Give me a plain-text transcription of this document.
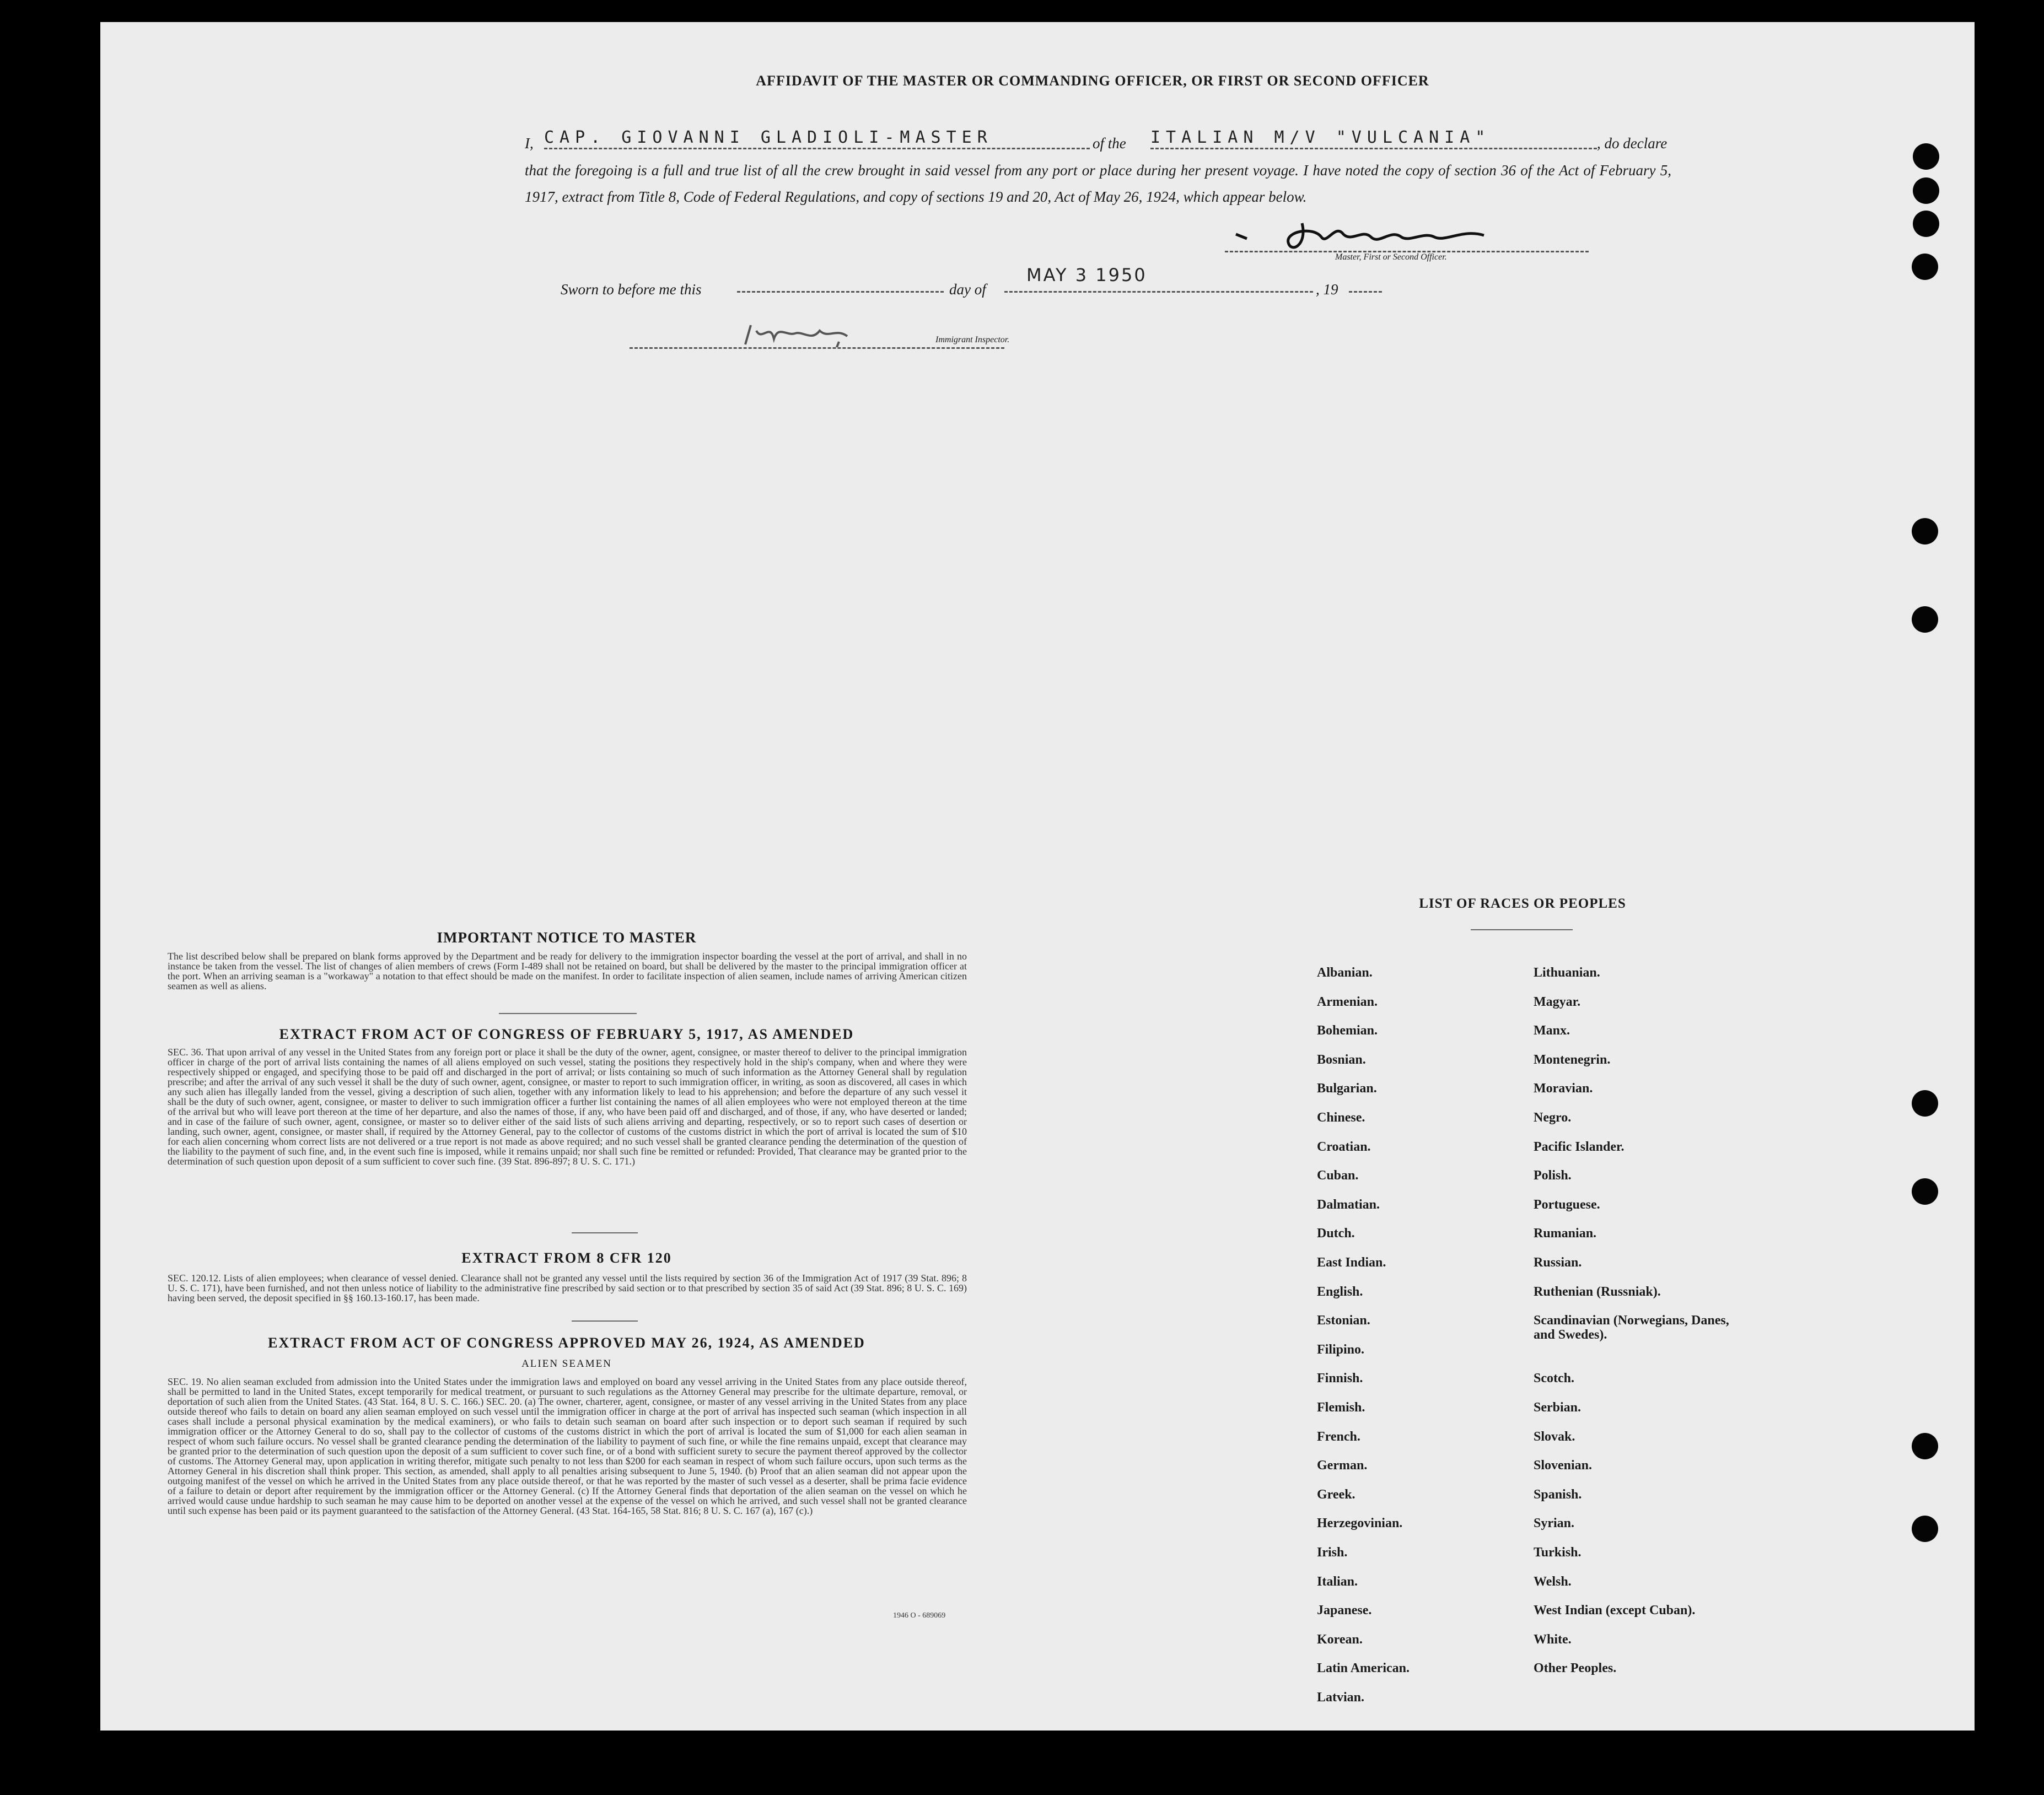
AFFIDAVIT OF THE MASTER OR COMMANDING OFFICER, OR FIRST OR SECOND OFFICER
I, CAP. GIOVANNI GLADIOLI-MASTER	of the ITALIAN M/V "VULCANIA"	, do declare
that the foregoing is a full and true list of all the crew brought in said vessel from any port or place during her present voyage. I have noted the copy of section 36 of the Act of February 5, 1917, extract from Title 8, Code of Federal Regulations, and copy of sections 19 and 20, Act of May 26, 1924, which appear below.
Master, First or Second Officer.
Sworn to before me this	day of
MAY 3 1950
, 19
Immigrant Inspector.
IMPORTANT NOTICE TO MASTER
The list described below shall be prepared on blank forms approved by the Department and be ready for delivery to the immigration inspector boarding the vessel at the port of arrival, and shall in no instance be taken from the vessel. The list of changes of alien members of crews (Form I-489 shall not be retained on board, but shall be delivered by the master to the principal immigration officer at the port. When an arriving seaman is a "workaway" a notation to that effect should be made on the manifest. In order to facilitate inspection of alien seamen, include names of arriving American citizen seamen as well as aliens.
EXTRACT FROM ACT OF CONGRESS OF FEBRUARY 5, 1917, AS AMENDED
SEC. 36. That upon arrival of any vessel in the United States from any foreign port or place it shall be the duty of the owner, agent, consignee, or master thereof to deliver to the principal immigration officer in charge of the port of arrival lists containing the names of all aliens employed on such vessel, stating the positions they respectively hold in the ship's company, when and where they were respectively shipped or engaged, and specifying those to be paid off and discharged in the port of arrival; or lists containing so much of such information as the Attorney General shall by regulation prescribe; and after the arrival of any such vessel it shall be the duty of such owner, agent, consignee, or master to report to such immigration officer, in writing, as soon as discovered, all cases in which any such alien has illegally landed from the vessel, giving a description of such alien, together with any information likely to lead to his apprehension; and before the departure of any such vessel it shall be the duty of such owner, agent, consignee, or master to deliver to such immigration officer a further list containing the names of all alien employees who were not employed thereon at the time of the arrival but who will leave port thereon at the time of her departure, and also the names of those, if any, who have been paid off and discharged, and of those, if any, who have deserted or landed; and in case of the failure of such owner, agent, consignee, or master so to deliver either of the said lists of such aliens arriving and departing, respectively, or so to report such cases of desertion or landing, such owner, agent, consignee, or master shall, if required by the Attorney General, pay to the collector of customs of the customs district in which the port of arrival is located the sum of $10 for each alien concerning whom correct lists are not delivered or a true report is not made as above required; and no such vessel shall be granted clearance pending the determination of the question of the liability to the payment of such fine, and, in the event such fine is imposed, while it remains unpaid; nor shall such fine be remitted or refunded: Provided, That clearance may be granted prior to the determination of such question upon deposit of a sum sufficient to cover such fine. (39 Stat. 896-897; 8 U. S. C. 171.)
EXTRACT FROM 8 CFR 120
SEC. 120.12. Lists of alien employees; when clearance of vessel denied. Clearance shall not be granted any vessel until the lists required by section 36 of the Immigration Act of 1917 (39 Stat. 896; 8 U. S. C. 171), have been furnished, and not then unless notice of liability to the administrative fine prescribed by said section or to that prescribed by section 35 of said Act (39 Stat. 896; 8 U. S. C. 169) having been served, the deposit specified in §§ 160.13-160.17, has been made.
EXTRACT FROM ACT OF CONGRESS APPROVED MAY 26, 1924, AS AMENDED
ALIEN SEAMEN
SEC. 19. No alien seaman excluded from admission into the United States under the immigration laws and employed on board any vessel arriving in the United States from any place outside thereof, shall be permitted to land in the United States, except temporarily for medical treatment, or pursuant to such regulations as the Attorney General may prescribe for the ultimate departure, removal, or deportation of such alien from the United States. (43 Stat. 164, 8 U. S. C. 166.) SEC. 20. (a) The owner, charterer, agent, consignee, or master of any vessel arriving in the United States from any place outside thereof who fails to detain on board any alien seaman employed on such vessel until the immigration officer in charge at the port of arrival has inspected such seaman (which inspection in all cases shall include a personal physical examination by the medical examiners), or who fails to detain such seaman on board after such inspection or to deport such seaman if required by such immigration officer or the Attorney General to do so, shall pay to the collector of customs of the customs district in which the port of arrival is located the sum of $1,000 for each alien seaman in respect of whom such failure occurs. No vessel shall be granted clearance pending the determination of the liability to payment of such fine, or while the fine remains unpaid, except that clearance may be granted prior to the determination of such question upon the deposit of a sum sufficient to cover such fine, or of a bond with sufficient surety to secure the payment thereof approved by the collector of customs. The Attorney General may, upon application in writing therefor, mitigate such penalty to not less than $200 for each seaman in respect of whom such failure occurs, upon such terms as the Attorney General in his discretion shall think proper. This section, as amended, shall apply to all penalties arising subsequent to June 5, 1940. (b) Proof that an alien seaman did not appear upon the outgoing manifest of the vessel on which he arrived in the United States from any place outside thereof, or that he was reported by the master of such vessel as a deserter, shall be prima facie evidence of a failure to detain or deport after requirement by the immigration officer or the Attorney General. (c) If the Attorney General finds that deportation of the alien seaman on the vessel on which he arrived would cause undue hardship to such seaman he may cause him to be deported on another vessel at the expense of the vessel on which he arrived, and such vessel shall not be granted clearance until such expense has been paid or its payment guaranteed to the satisfaction of the Attorney General. (43 Stat. 164-165, 58 Stat. 816; 8 U. S. C. 167 (a), 167 (c).)
1946 O - 689069
LIST OF RACES OR PEOPLES
Albanian.
Armenian.
Bohemian.
Bosnian.
Bulgarian.
Chinese.
Croatian.
Cuban.
Dalmatian.
Dutch.
East Indian.
English.
Estonian.
Filipino.
Finnish.
Flemish.
French.
German.
Greek.
Herzegovinian.
Irish.
Italian.
Japanese.
Korean.
Latin American.
Latvian.
Lithuanian.
Magyar.
Manx.
Montenegrin.
Moravian.
Negro.
Pacific Islander.
Polish.
Portuguese.
Rumanian.
Russian.
Ruthenian (Russniak).
Scandinavian (Norwegians, Danes, and Swedes).
Scotch.
Serbian.
Slovak.
Slovenian.
Spanish.
Syrian.
Turkish.
Welsh.
West Indian (except Cuban).
White.
Other Peoples.
